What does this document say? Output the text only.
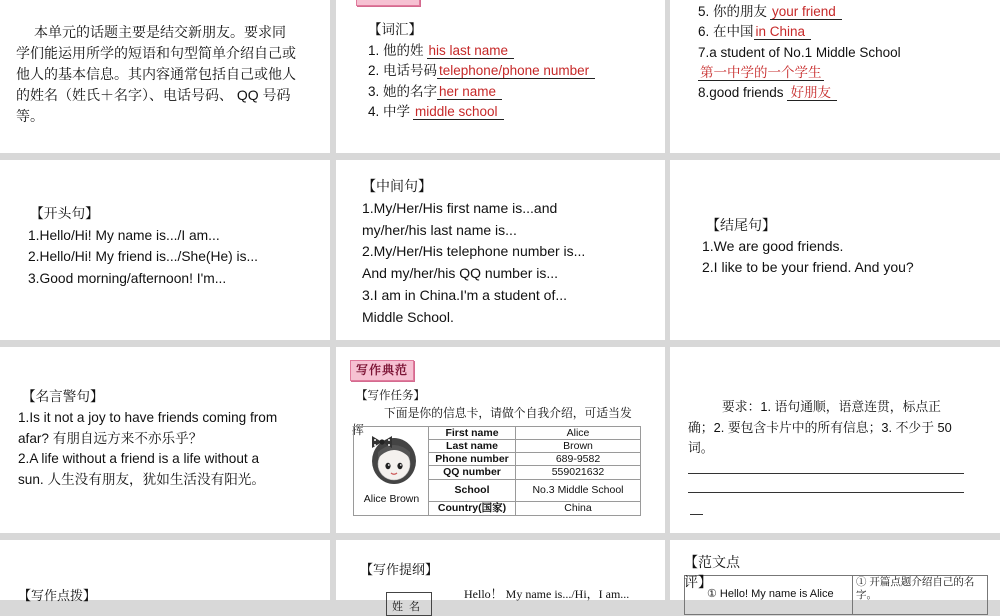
本单元的话题主要是结交新朋友。要求同
学们能运用所学的短语和句型简单介绍自己或
他人的基本信息。其内容通常包括自己或他人
的姓名（姓氏＋名字）、电话号码、 QQ 号码
等。
【词汇】
1. 他的姓 his last name
2. 电话号码 telephone/phone number
3. 她的名字 her name
4. 中学 middle school
5. 你的朋友 your friend
6. 在中国 in China
7.a student of No.1 Middle School
第一中学的一个学生
8.good friends 好朋友
【开头句】
1.Hello/Hi! My name is.../I am...
2.Hello/Hi! My friend is.../She(He) is...
3.Good morning/afternoon! I'm...
【中间句】
1.My/Her/His first name is...and
my/her/his last name is...
2.My/Her/His telephone number is...
And my/her/his QQ number is...
3.I am in China.I'm a student of...
Middle School.
【结尾句】
1.We are good friends.
2.I like to be your friend. And you?
【名言警句】
1.Is it not a joy to have friends coming from
afar? 有朋自远方来不亦乐乎？
2.A life without a friend is a life without a
sun. 人生没有朋友，犹如生活没有阳光。
写作典范
【写作任务】
下面是你的信息卡，请做个自我介绍，可适当发
挥
Alice Brown	First name	Alice
	Last name	Brown
	Phone number	689-9582
	QQ number	559021632
	School	No.3 Middle School
	Country(国家)	China
要求：1. 语句通顺，语意连贯，标点正
确；2. 要包含卡片中的所有信息；3. 不少于 50
词。
【写作点拨】
【写作提纲】
姓名
Hello！ My name is.../Hi，I am...	① Hello! My name is Alice
① 开篇点题介绍自己的名
字。
【范文点
评】
